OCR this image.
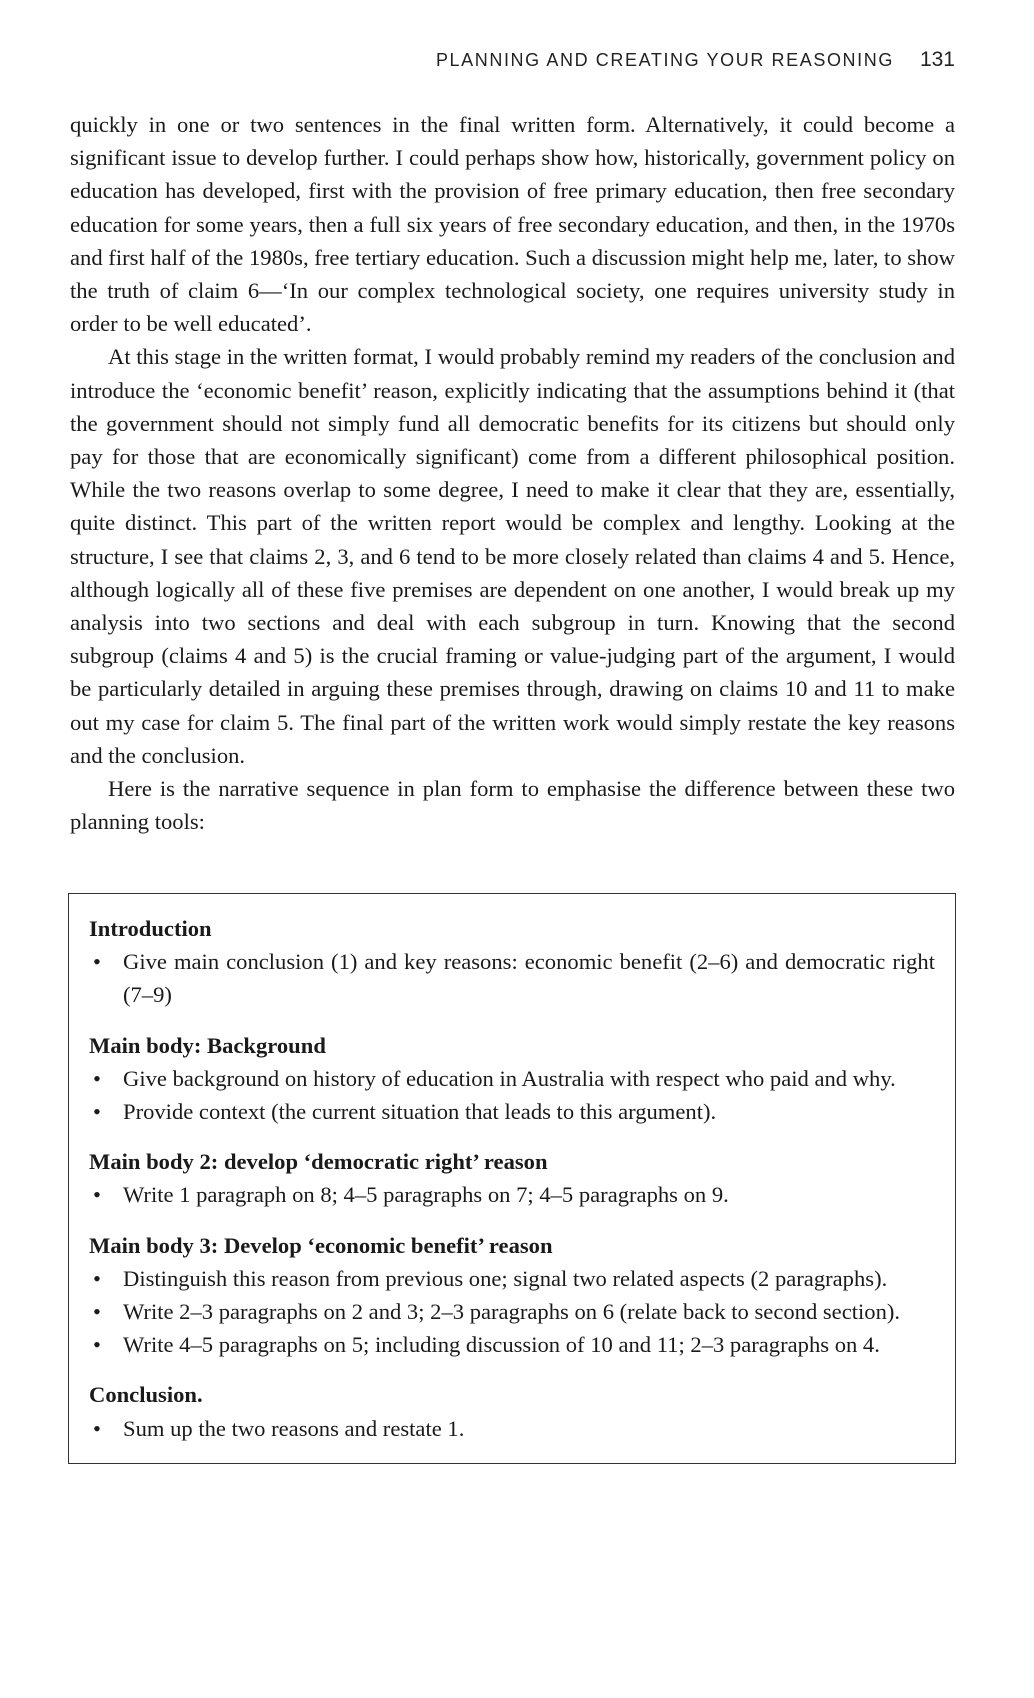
PLANNING AND CREATING YOUR REASONING 131

quickly in one or two sentences in the final written form. Alternatively, it could become a significant issue to develop further. I could perhaps show how, historically, government policy on education has developed, first with the provision of free primary education, then free secondary education for some years, then a full six years of free secondary education, and then, in the 1970s and first half of the 1980s, free tertiary education. Such a discussion might help me, later, to show the truth of claim 6—‘In our complex technological society, one requires university study in order to be well educated’.

At this stage in the written format, I would probably remind my readers of the conclusion and introduce the ‘economic benefit’ reason, explicitly indicating that the assumptions behind it (that the government should not simply fund all democratic benefits for its citizens but should only pay for those that are economically significant) come from a different philosophical position. While the two reasons overlap to some degree, I need to make it clear that they are, essentially, quite distinct. This part of the written report would be complex and lengthy. Looking at the structure, I see that claims 2, 3, and 6 tend to be more closely related than claims 4 and 5. Hence, although logically all of these five premises are dependent on one another, I would break up my analysis into two sections and deal with each subgroup in turn. Knowing that the second subgroup (claims 4 and 5) is the crucial framing or value-judging part of the argument, I would be particularly detailed in arguing these premises through, drawing on claims 10 and 11 to make out my case for claim 5. The final part of the written work would simply restate the key reasons and the conclusion.

Here is the narrative sequence in plan form to emphasise the difference between these two planning tools:

Introduction

• Give main conclusion (1) and key reasons: economic benefit (2–6) and democratic right (7–9)

Main body: Background

• Give background on history of education in Australia with respect who paid and why.
• Provide context (the current situation that leads to this argument).

Main body 2: develop ‘democratic right’ reason

• Write 1 paragraph on 8; 4–5 paragraphs on 7; 4–5 paragraphs on 9.

Main body 3: Develop ‘economic benefit’ reason

• Distinguish this reason from previous one; signal two related aspects (2 paragraphs).
• Write 2–3 paragraphs on 2 and 3; 2–3 paragraphs on 6 (relate back to second section).
• Write 4–5 paragraphs on 5; including discussion of 10 and 11; 2–3 paragraphs on 4.

Conclusion.

• Sum up the two reasons and restate 1.
